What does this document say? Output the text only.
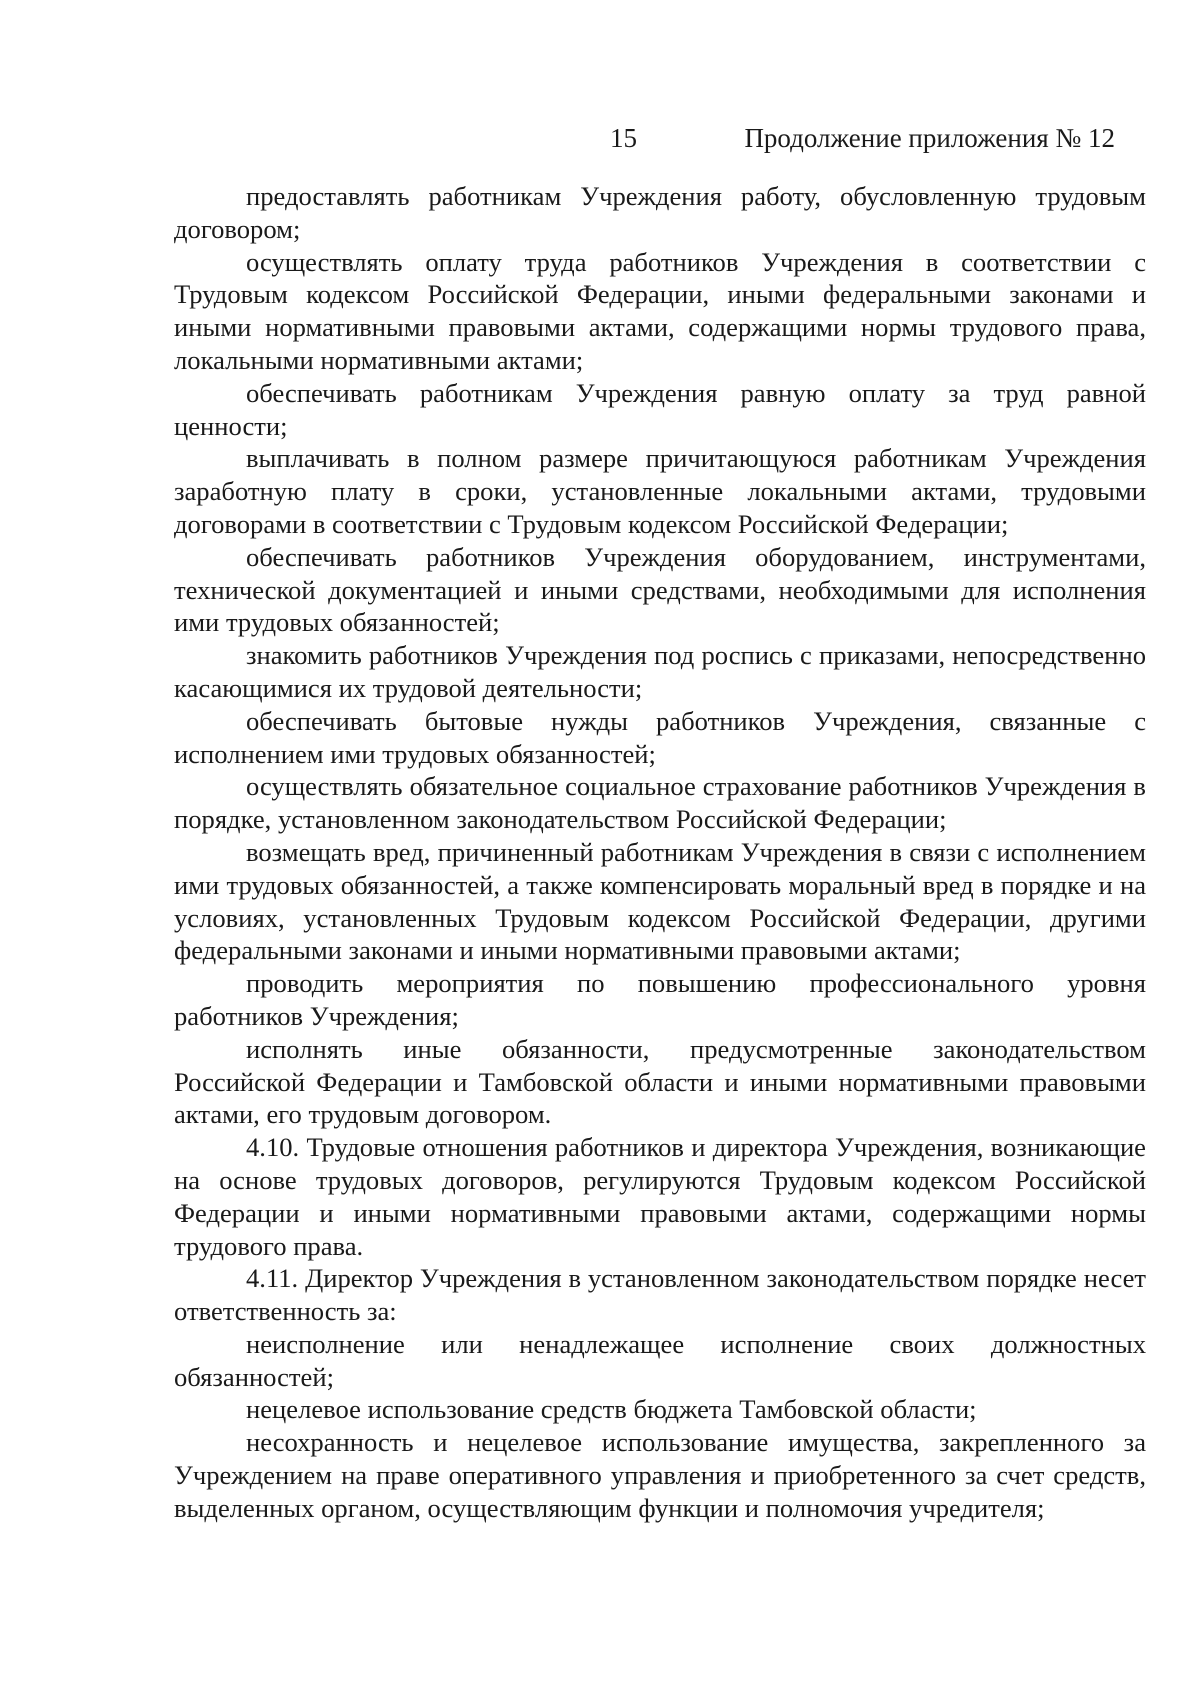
15	Продолжение приложения № 12

предоставлять работникам Учреждения работу, обусловленную трудовым договором;

осуществлять оплату труда работников Учреждения в соответствии с Трудовым кодексом Российской Федерации, иными федеральными законами и иными нормативными правовыми актами, содержащими нормы трудового права, локальными нормативными актами;

обеспечивать работникам Учреждения равную оплату за труд равной ценности;

выплачивать в полном размере причитающуюся работникам Учреждения заработную плату в сроки, установленные локальными актами, трудовыми договорами в соответствии с Трудовым кодексом Российской Федерации;

обеспечивать работников Учреждения оборудованием, инструментами, технической документацией и иными средствами, необходимыми для исполнения ими трудовых обязанностей;

знакомить работников Учреждения под роспись с приказами, непосредственно касающимися их трудовой деятельности;

обеспечивать бытовые нужды работников Учреждения, связанные с исполнением ими трудовых обязанностей;

осуществлять обязательное социальное страхование работников Учреждения в порядке, установленном законодательством Российской Федерации;

возмещать вред, причиненный работникам Учреждения в связи с исполнением ими трудовых обязанностей, а также компенсировать моральный вред в порядке и на условиях, установленных Трудовым кодексом Российской Федерации, другими федеральными законами и иными нормативными правовыми актами;

проводить мероприятия по повышению профессионального уровня работников Учреждения;

исполнять иные обязанности, предусмотренные законодательством Российской Федерации и Тамбовской области и иными нормативными правовыми актами, его трудовым договором.

4.10. Трудовые отношения работников и директора Учреждения, возникающие на основе трудовых договоров, регулируются Трудовым кодексом Российской Федерации и иными нормативными правовыми актами, содержащими нормы трудового права.

4.11. Директор Учреждения в установленном законодательством порядке несет ответственность за:

неисполнение или ненадлежащее исполнение своих должностных обязанностей;

нецелевое использование средств бюджета Тамбовской области;

несохранность и нецелевое использование имущества, закрепленного за Учреждением на праве оперативного управления и приобретенного за счет средств, выделенных органом, осуществляющим функции и полномочия учредителя;
